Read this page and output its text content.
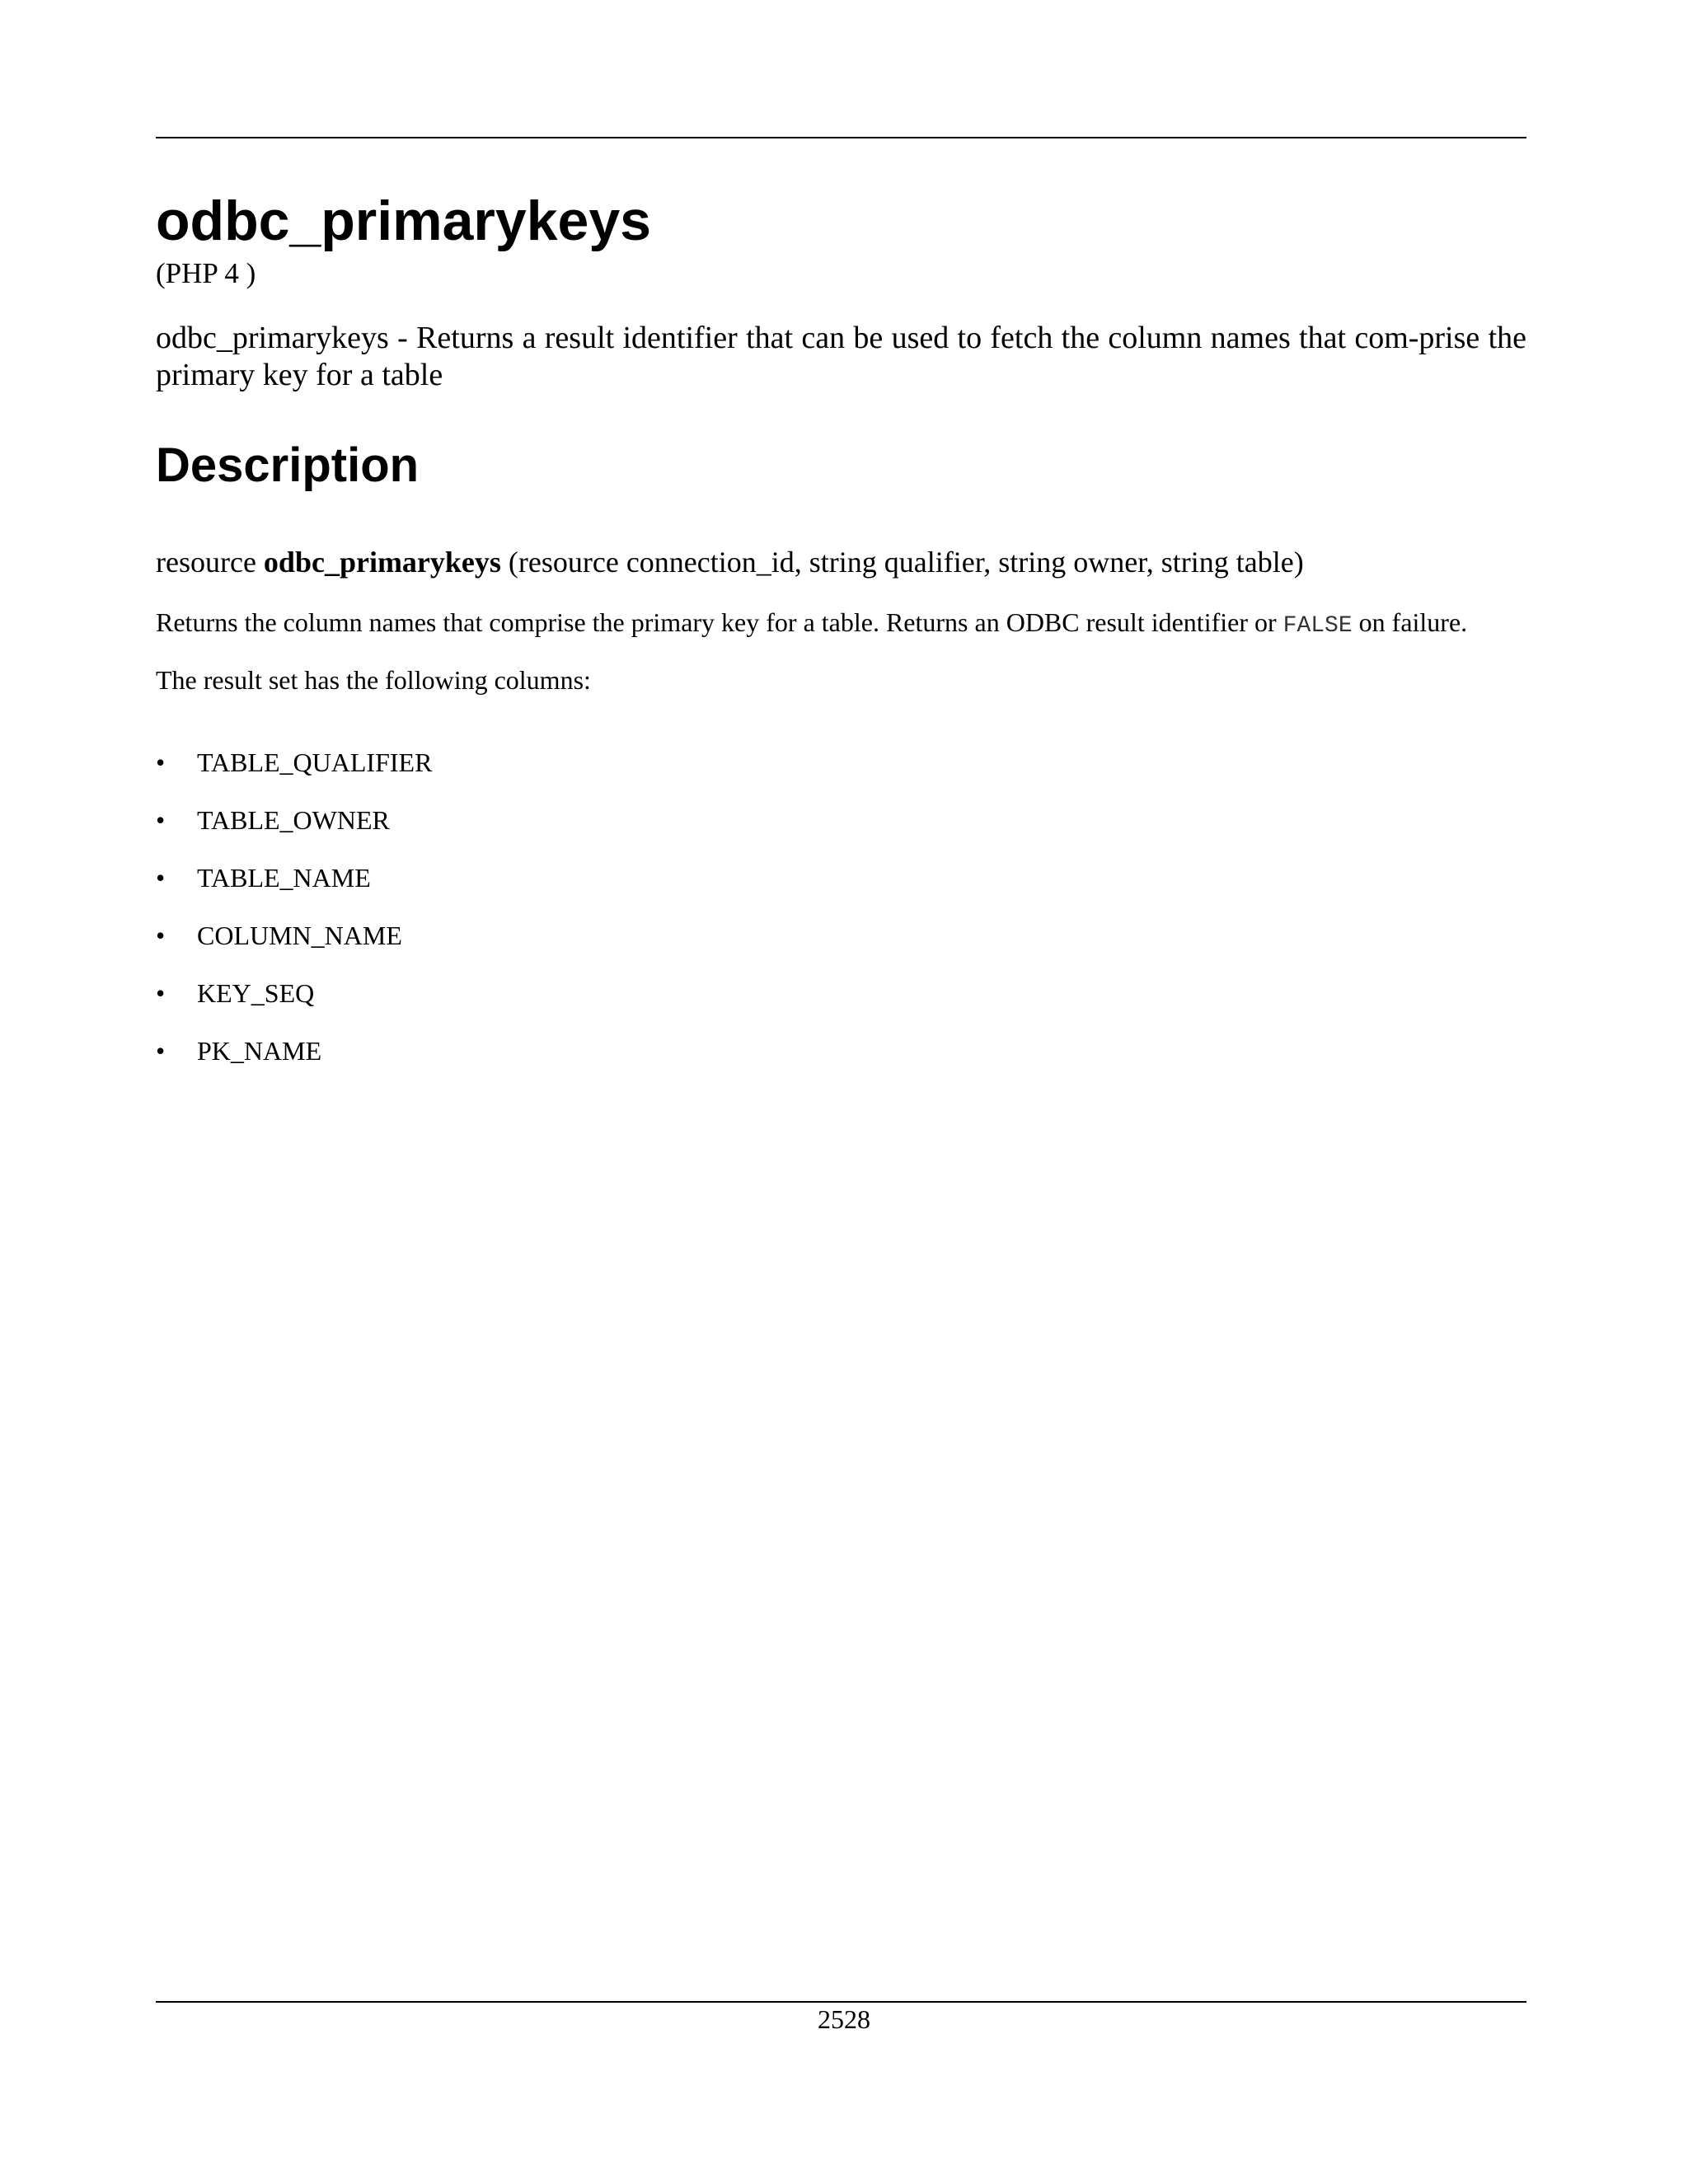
odbc_primarykeys
(PHP 4 )

odbc_primarykeys - Returns a result identifier that can be used to fetch the column names that com-prise the primary key for a table

Description

resource odbc_primarykeys (resource connection_id, string qualifier, string owner, string table)

Returns the column names that comprise the primary key for a table. Returns an ODBC result identifier or FALSE on failure.

The result set has the following columns:

•	TABLE_QUALIFIER
•	TABLE_OWNER
•	TABLE_NAME
•	COLUMN_NAME
•	KEY_SEQ
•	PK_NAME
2528
